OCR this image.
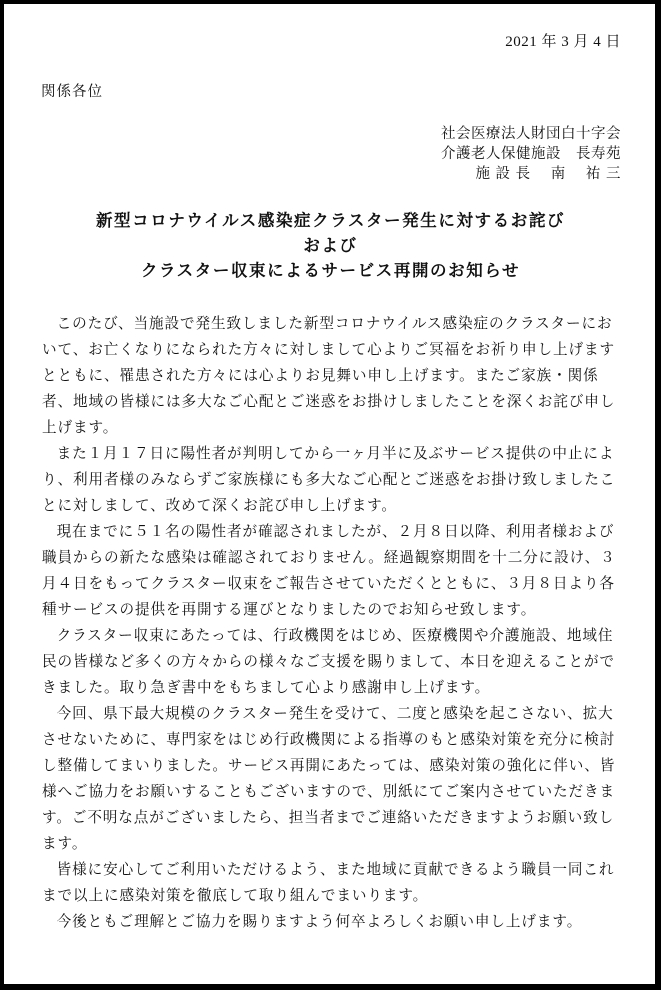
2021 年 3 月 4 日
関係各位
社会医療法人財団白十字会
介護老人保健施設　長寿苑
施 設 長　 南 　祐 三
新型コロナウイルス感染症クラスター発生に対するお詫び
および
クラスター収束によるサービス再開のお知らせ

このたび、当施設で発生致しました新型コロナウイルス感染症のクラスターにおいて、お亡くなりになられた方々に対しまして心よりご冥福をお祈り申し上げますとともに、罹患された方々には心よりお見舞い申し上げます。またご家族・関係者、地域の皆様には多大なご心配とご迷惑をお掛けしましたことを深くお詫び申し上げます。

また１月１７日に陽性者が判明してから一ヶ月半に及ぶサービス提供の中止により、利用者様のみならずご家族様にも多大なご心配とご迷惑をお掛け致しましたことに対しまして、改めて深くお詫び申し上げます。

現在までに５１名の陽性者が確認されましたが、２月８日以降、利用者様および職員からの新たな感染は確認されておりません。経過観察期間を十二分に設け、３月４日をもってクラスター収束をご報告させていただくとともに、３月８日より各種サービスの提供を再開する運びとなりましたのでお知らせ致します。

クラスター収束にあたっては、行政機関をはじめ、医療機関や介護施設、地域住民の皆様など多くの方々からの様々なご支援を賜りまして、本日を迎えることができました。取り急ぎ書中をもちまして心より感謝申し上げます。

今回、県下最大規模のクラスター発生を受けて、二度と感染を起こさない、拡大させないために、専門家をはじめ行政機関による指導のもと感染対策を充分に検討し整備してまいりました。サービス再開にあたっては、感染対策の強化に伴い、皆様へご協力をお願いすることもございますので、別紙にてご案内させていただきます。ご不明な点がございましたら、担当者までご連絡いただきますようお願い致します。

皆様に安心してご利用いただけるよう、また地域に貢献できるよう職員一同これまで以上に感染対策を徹底して取り組んでまいります。

今後ともご理解とご協力を賜りますよう何卒よろしくお願い申し上げます。
